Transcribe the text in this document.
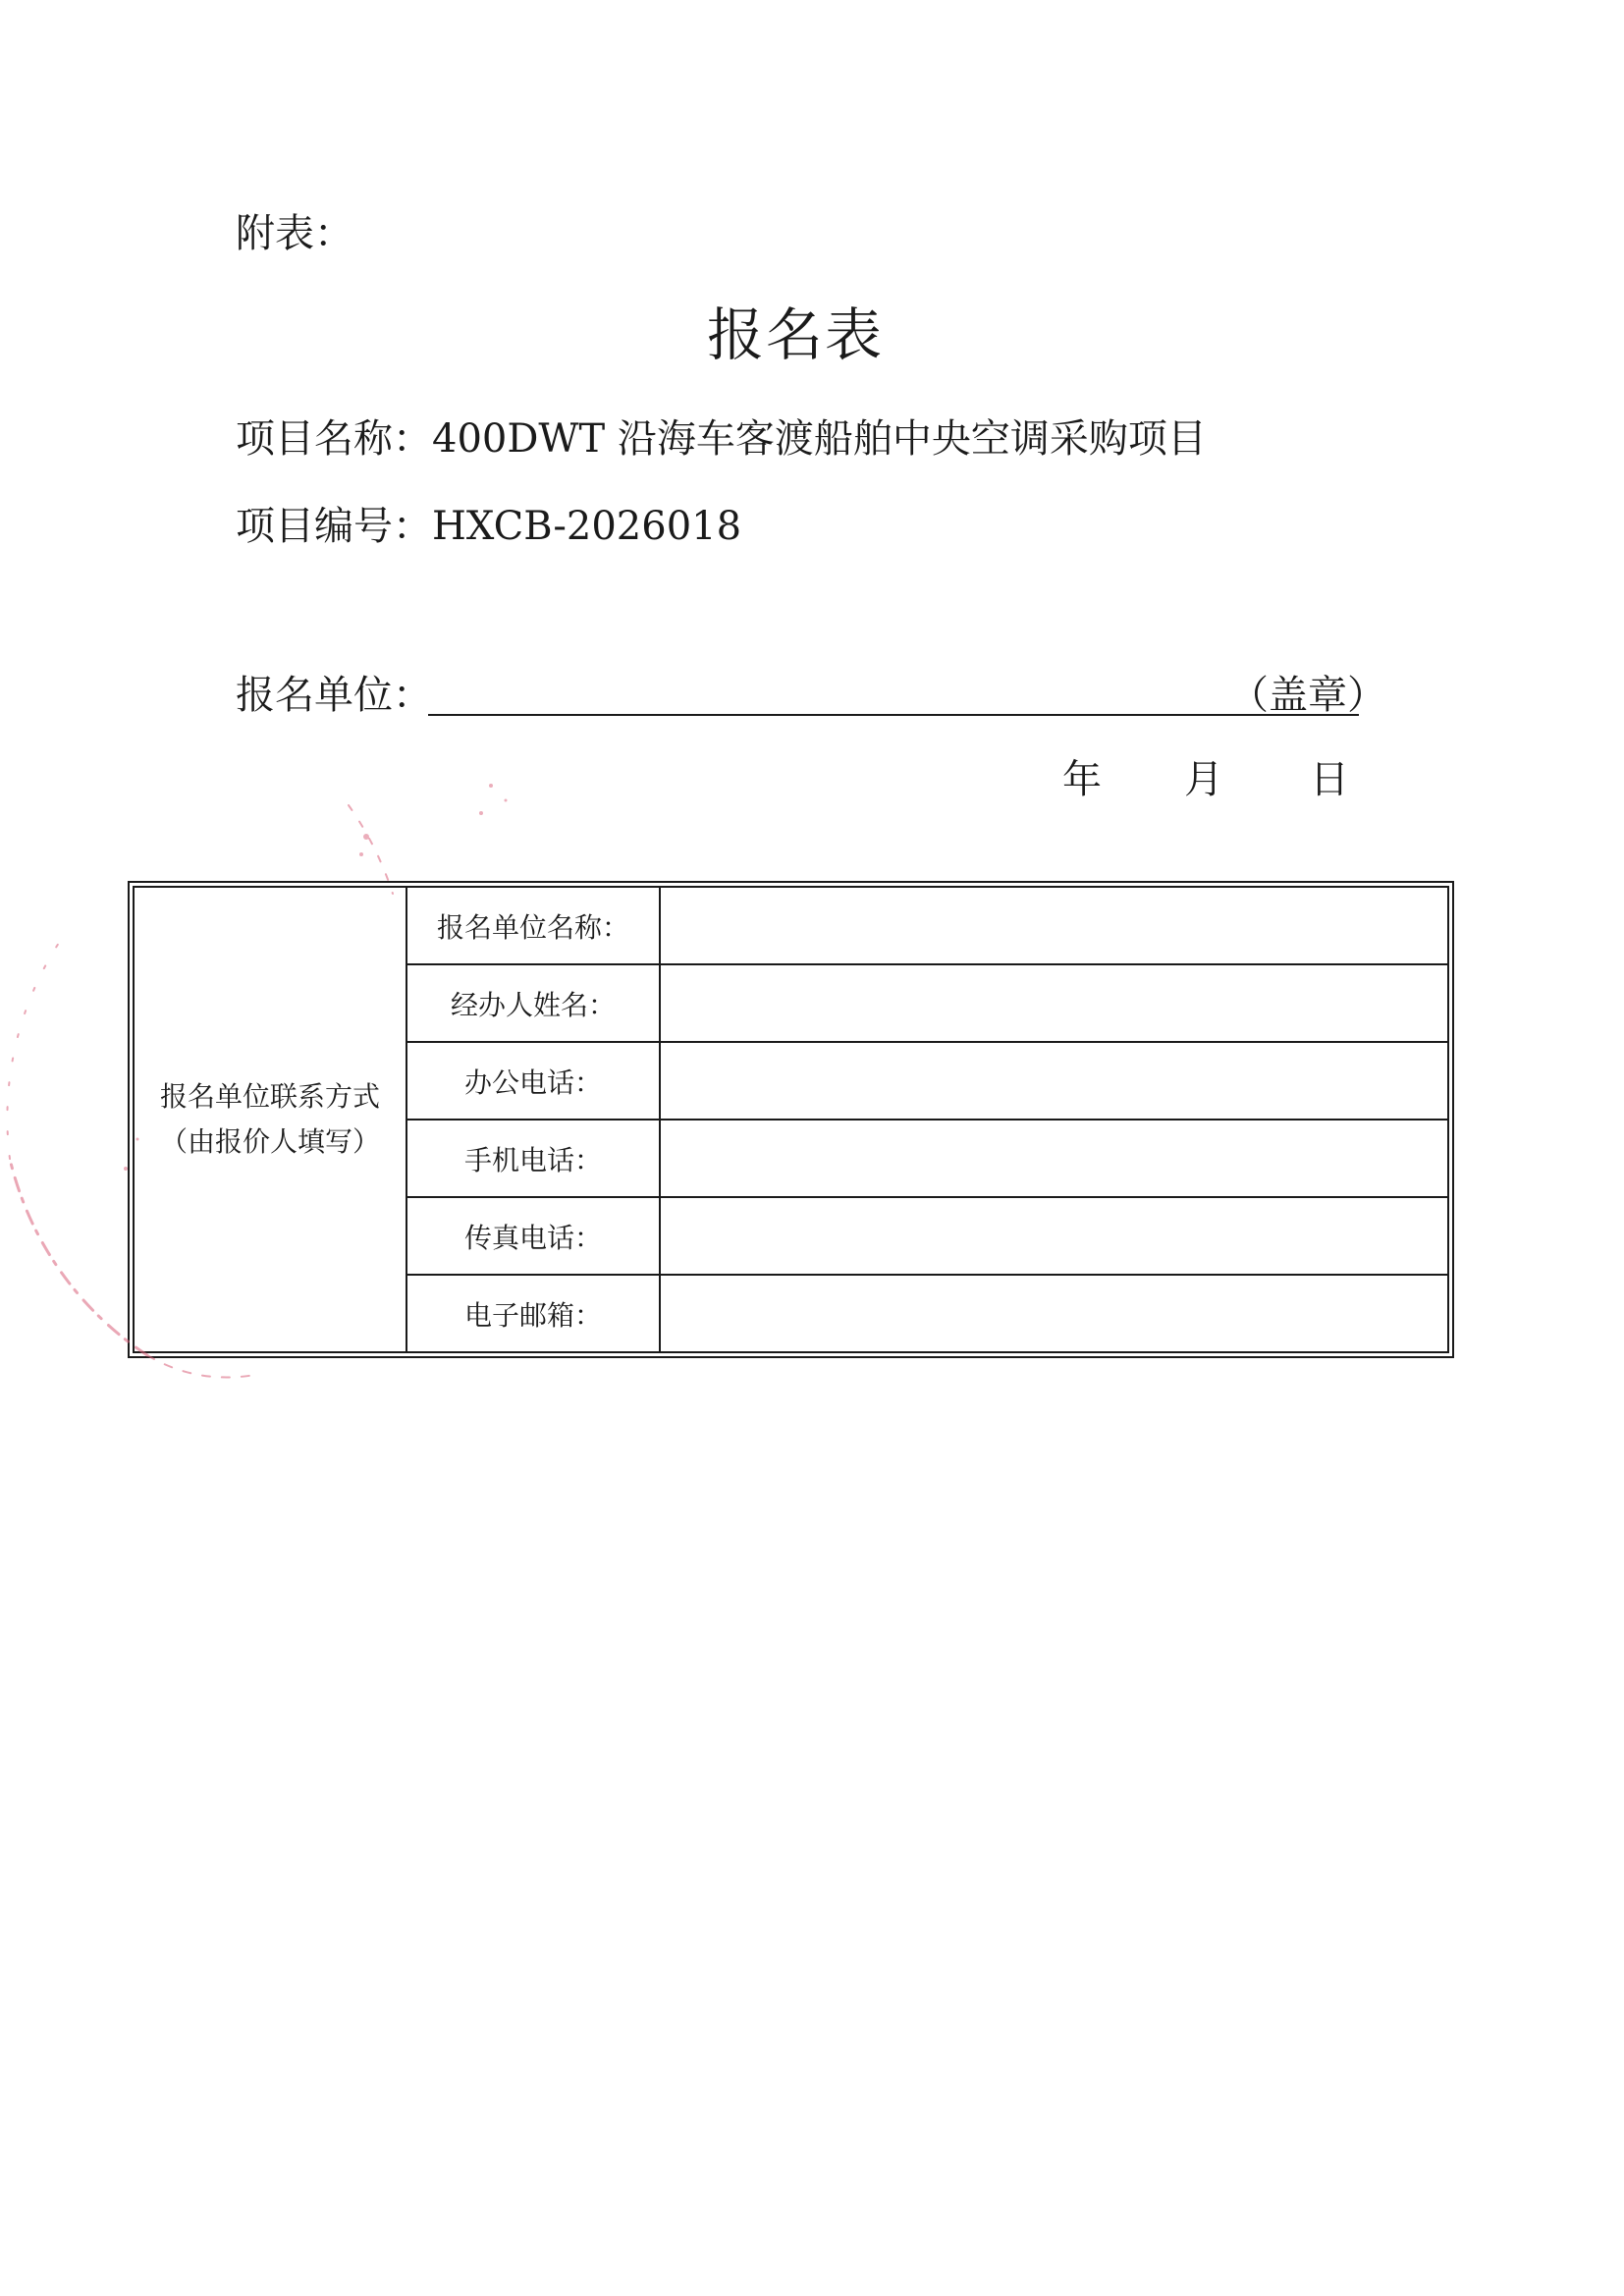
附表：
报名表
项目名称：400DWT 沿海车客渡船舶中央空调采购项目
项目编号：HXCB-2026018
报名单位：	（盖章）
年 月 日
报名单位联系方式
（由报价人填写）	报名单位名称：	
	经办人姓名：	
	办公电话：	
	手机电话：	
	传真电话：	
	电子邮箱：	
